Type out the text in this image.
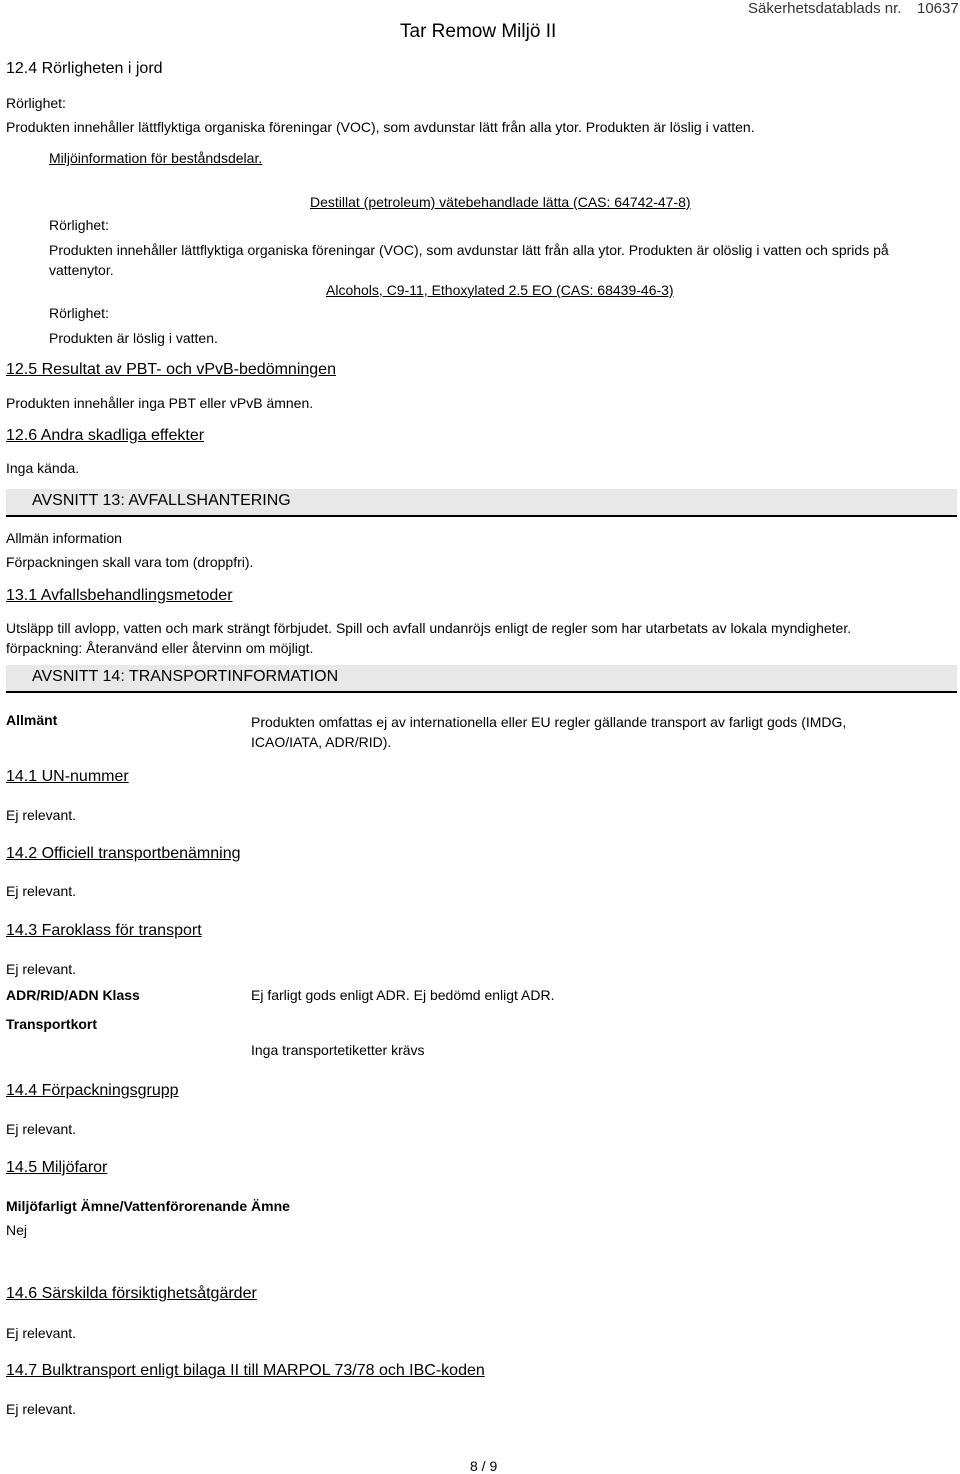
Tar Remow Miljö II
Säkerhetsdatablads nr. 10637
12.4 Rörligheten i jord
Rörlighet:
Produkten innehåller lättflyktiga organiska föreningar (VOC), som avdunstar lätt från alla ytor. Produkten är löslig i vatten.
Miljöinformation för beståndsdelar.
Destillat (petroleum) vätebehandlade lätta (CAS: 64742-47-8)
Rörlighet:
Produkten innehåller lättflyktiga organiska föreningar (VOC), som avdunstar lätt från alla ytor. Produkten är olöslig i vatten och sprids på
vattenytor.
Alcohols, C9-11, Ethoxylated 2.5 EO (CAS: 68439-46-3)
Rörlighet:
Produkten är löslig i vatten.
12.5 Resultat av PBT- och vPvB-bedömningen
Produkten innehåller inga PBT eller vPvB ämnen.
12.6 Andra skadliga effekter
Inga kända.
AVSNITT 13: AVFALLSHANTERING
Allmän information
Förpackningen skall vara tom (droppfri).
13.1 Avfallsbehandlingsmetoder
Utsläpp till avlopp, vatten och mark strängt förbjudet. Spill och avfall undanröjs enligt de regler som har utarbetats av lokala myndigheter.
förpackning: Återanvänd eller återvinn om möjligt.
AVSNITT 14: TRANSPORTINFORMATION
Allmänt	Produkten omfattas ej av internationella eller EU regler gällande transport av farligt gods (IMDG, ICAO/IATA, ADR/RID).
14.1 UN-nummer
Ej relevant.
14.2 Officiell transportbenämning
Ej relevant.
14.3 Faroklass för transport
Ej relevant.
ADR/RID/ADN Klass	Ej farligt gods enligt ADR. Ej bedömd enligt ADR.
Transportkort
Inga transportetiketter krävs
14.4 Förpackningsgrupp
Ej relevant.
14.5 Miljöfaror
Miljöfarligt Ämne/Vattenförorenande Ämne
Nej
14.6 Särskilda försiktighetsåtgärder
Ej relevant.
14.7 Bulktransport enligt bilaga II till MARPOL 73/78 och IBC-koden
Ej relevant.
8 / 9
